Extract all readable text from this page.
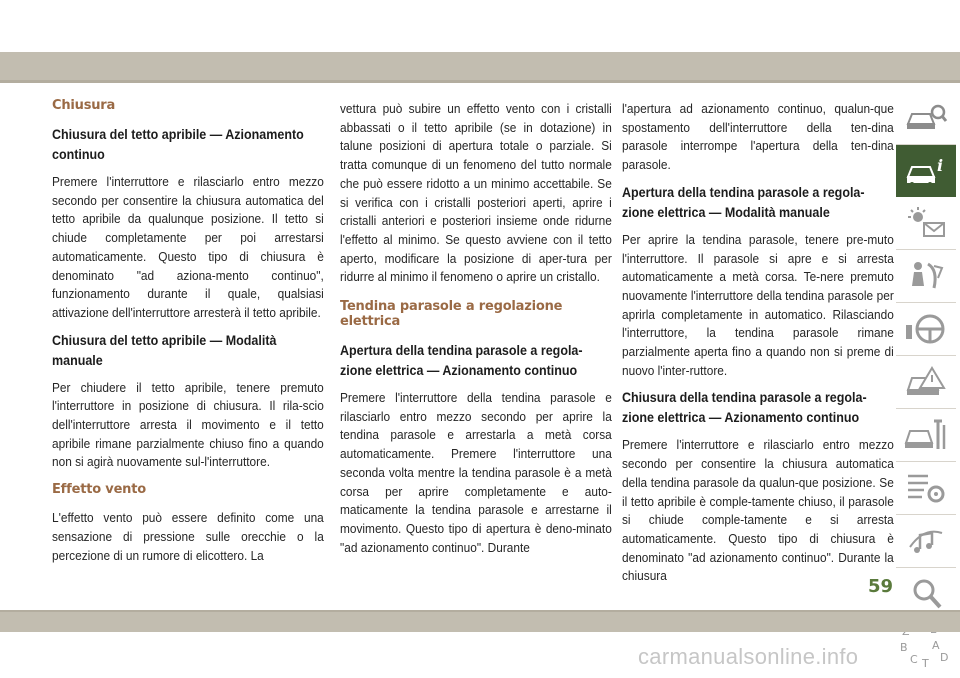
Chiusura
Chiusura del tetto apribile — Azionamento continuo

Premere l'interruttore e rilasciarlo entro mezzo secondo per consentire la chiusura automatica del tetto apribile da qualunque posizione. Il tetto si chiude completamente per poi arrestarsi automaticamente. Questo tipo di chiusura è denominato "ad aziona-mento continuo", funzionamento durante il quale, qualsiasi attivazione dell'interruttore arresterà il tetto apribile.

Chiusura del tetto apribile — Modalità manuale

Per chiudere il tetto apribile, tenere premuto l'interruttore in posizione di chiusura. Il rila-scio dell'interruttore arresta il movimento e il tetto apribile rimane parzialmente chiuso fino a quando non si agirà nuovamente sul-l'interruttore.

Effetto vento

L'effetto vento può essere definito come una sensazione di pressione sulle orecchie o la percezione di un rumore di elicottero. La

vettura può subire un effetto vento con i cristalli abbassati o il tetto apribile (se in dotazione) in talune posizioni di apertura totale o parziale. Si tratta comunque di un fenomeno del tutto normale che può essere ridotto a un minimo accettabile. Se si verifica con i cristalli posteriori aperti, aprire i cristalli anteriori e posteriori insieme onde ridurne l'effetto al minimo. Se questo avviene con il tetto aperto, modificare la posizione di aper-tura per ridurre al minimo il fenomeno o aprire un cristallo.

Tendina parasole a regolazione elettrica
Apertura della tendina parasole a regola-zione elettrica — Azionamento continuo

Premere l'interruttore della tendina parasole e rilasciarlo entro mezzo secondo per aprire la tendina parasole e arrestarla a metà corsa automaticamente. Premere l'interruttore una seconda volta mentre la tendina parasole è a metà corsa per aprire completamente e auto-maticamente la tendina parasole e arrestarne il movimento. Questo tipo di apertura è deno-minato "ad azionamento continuo". Durante

l'apertura ad azionamento continuo, qualun-que spostamento dell'interruttore della ten-dina parasole interrompe l'apertura della ten-dina parasole.

Apertura della tendina parasole a regola-zione elettrica — Modalità manuale

Per aprire la tendina parasole, tenere pre-muto l'interruttore. Il parasole si apre e si arresta automaticamente a metà corsa. Te-nere premuto nuovamente l'interruttore della tendina parasole per aprirla completamente in automatico. Rilasciando l'interruttore, la tendina parasole rimane parzialmente aperta fino a quando non si preme di nuovo l'inter-ruttore.

Chiusura della tendina parasole a regola-zione elettrica — Azionamento continuo

Premere l'interruttore e rilasciarlo entro mezzo secondo per consentire la chiusura automatica della tendina parasole da qualun-que posizione. Se il tetto apribile è comple-tamente chiuso, il parasole si chiude comple-tamente e si arresta automaticamente. Questo tipo di chiusura è denominato "ad azionamento continuo". Durante la chiusura

i
B A
C D
T
59
carmanualsonline.info
